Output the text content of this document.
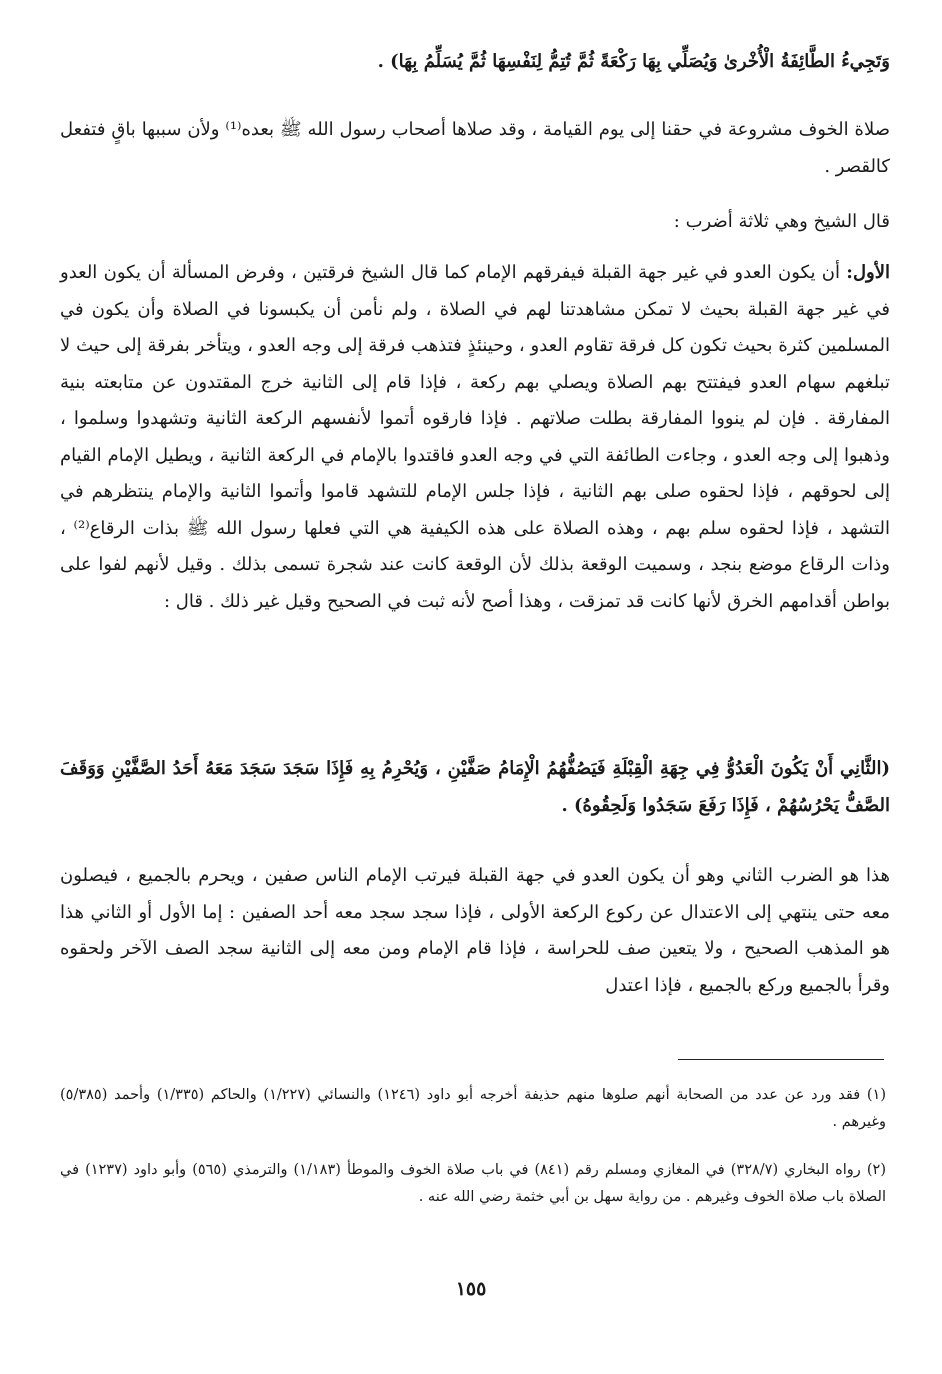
وَتَجِيءُ الطَّائِفَةُ الْأُخْرىٰ وَيُصَلِّي بِهَا رَكْعَةً ثُمَّ تُتِمُّ لِنَفْسِهَا ثُمَّ يُسَلِّمُ بِهَا) .

صلاة الخوف مشروعة في حقنا إلى يوم القيامة ، وقد صلاها أصحاب رسول الله ﷺ بعده⁽¹⁾ ولأن سببها باقٍ فتفعل كالقصر .

قال الشيخ وهي ثلاثة أضرب :

الأول: أن يكون العدو في غير جهة القبلة فيفرقهم الإمام كما قال الشيخ فرقتين ، وفرض المسألة أن يكون العدو في غير جهة القبلة بحيث لا تمكن مشاهدتنا لهم في الصلاة ، ولم نأمن أن يكبسونا في الصلاة وأن يكون في المسلمين كثرة بحيث تكون كل فرقة تقاوم العدو ، وحينئذٍ فتذهب فرقة إلى وجه العدو ، ويتأخر بفرقة إلى حيث لا تبلغهم سهام العدو فيفتتح بهم الصلاة ويصلي بهم ركعة ، فإذا قام إلى الثانية خرج المقتدون عن متابعته بنية المفارقة . فإن لم ينووا المفارقة بطلت صلاتهم . فإذا فارقوه أتموا لأنفسهم الركعة الثانية وتشهدوا وسلموا ، وذهبوا إلى وجه العدو ، وجاءت الطائفة التي في وجه العدو فاقتدوا بالإمام في الركعة الثانية ، ويطيل الإمام القيام إلى لحوقهم ، فإذا لحقوه صلى بهم الثانية ، فإذا جلس الإمام للتشهد قاموا وأتموا الثانية والإمام ينتظرهم في التشهد ، فإذا لحقوه سلم بهم ، وهذه الصلاة على هذه الكيفية هي التي فعلها رسول الله ﷺ بذات الرقاع⁽²⁾ ، وذات الرقاع موضع بنجد ، وسميت الوقعة بذلك لأن الوقعة كانت عند شجرة تسمى بذلك . وقيل لأنهم لفوا على بواطن أقدامهم الخرق لأنها كانت قد تمزقت ، وهذا أصح لأنه ثبت في الصحيح وقيل غير ذلك . قال :

(الثَّانِي أَنْ يَكُونَ الْعَدُوُّ فِي جِهَةِ الْقِبْلَةِ فَيَصُفُّهُمُ الْإِمَامُ صَفَّيْنِ ، وَيُحْرِمُ بِهِ فَإِذَا سَجَدَ سَجَدَ مَعَهُ أَحَدُ الصَّفَّيْنِ وَوَقَفَ الصَّفُّ يَحْرُسُهُمْ ، فَإِذَا رَفَعَ سَجَدُوا وَلَحِقُوهُ) .

هذا هو الضرب الثاني وهو أن يكون العدو في جهة القبلة فيرتب الإمام الناس صفين ، ويحرم بالجميع ، فيصلون معه حتى ينتهي إلى الاعتدال عن ركوع الركعة الأولى ، فإذا سجد سجد معه أحد الصفين : إما الأول أو الثاني هذا هو المذهب الصحيح ، ولا يتعين صف للحراسة ، فإذا قام الإمام ومن معه إلى الثانية سجد الصف الآخر ولحقوه وقرأ بالجميع وركع بالجميع ، فإذا اعتدل

(١) فقد ورد عن عدد من الصحابة أنهم صلوها منهم حذيفة أخرجه أبو داود (١٢٤٦) والنسائي (١/٢٢٧) والحاكم (١/٣٣٥) وأحمد (٥/٣٨٥) وغيرهم .

(٢) رواه البخاري (٣٢٨/٧) في المغازي ومسلم رقم (٨٤١) في باب صلاة الخوف والموطأ (١/١٨٣) والترمذي (٥٦٥) وأبو داود (١٢٣٧) في الصلاة باب صلاة الخوف وغيرهم . من رواية سهل بن أبي خثمة رضي الله عنه .

١٥٥
